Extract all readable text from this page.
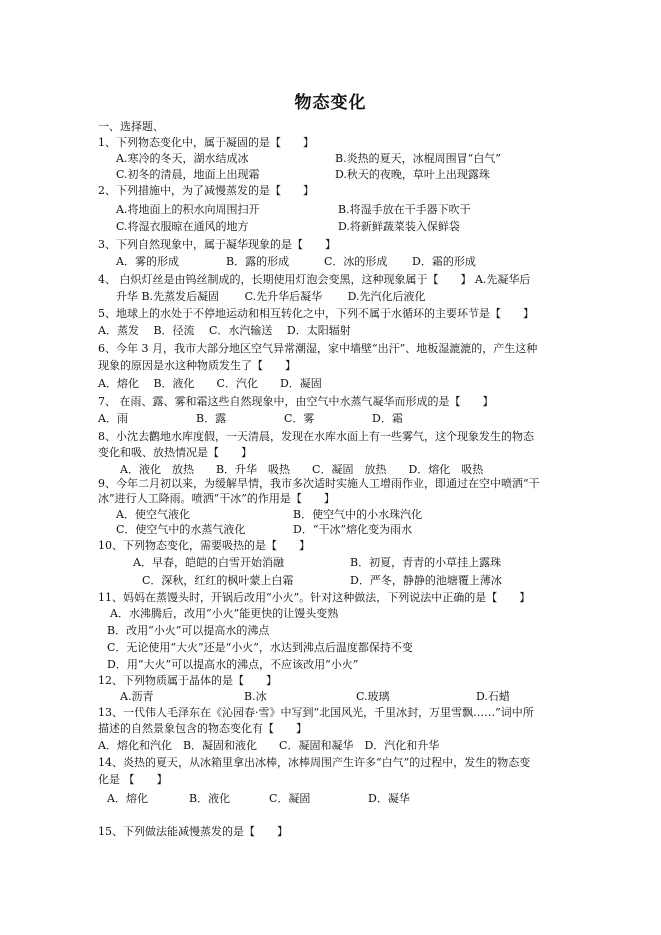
物态变化
一、选择题、
1、下列物态变化中，属于凝固的是【　　】
A.寒冷的冬天，湖水结成冰	B.炎热的夏天，冰棍周围冒“白气”
C.初冬的清晨，地面上出现霜	D.秋天的夜晚，草叶上出现露珠
2、下列措施中，为了减慢蒸发的是【　　】
A.将地面上的积水向周围扫开	B.将湿手放在干手器下吹干
C.将湿衣服晾在通风的地方	D.将新鲜蔬菜装入保鲜袋
3、下列自然现象中，属于凝华现象的是【　　】
A．雾的形成	B．露的形成	C．冰的形成 D．霜的形成
4、 白炽灯丝是由钨丝制成的，长期使用灯泡会变黑，这种现象属于【　　】 A.先凝华后
升华 B.先蒸发后凝固　　 C.先升华后凝华　　 D.先汽化后液化
5、地球上的水处于不停地运动和相互转化之中，下列不属于水循环的主要环节是【　　】
A．蒸发　 B．径流　 C．水汽输送　 D．太阳辐射
6、今年 3 月，我市大部分地区空气异常潮湿，家中墙壁“出汗”、地板湿漉漉的，产生这种
现象的原因是水这种物质发生了【　　】
A．熔化　 B．液化　　C．汽化　　D．凝固
7、 在雨、露、雾和霜这些自然现象中，由空气中水蒸气凝华而形成的是【　　】
A．雨	B．露	C．雾	D．霜
8、小沈去鹳地水库度假，一天清晨，发现在水库水面上有一些雾气，这个现象发生的物态
变化和吸、放热情况是【　　】
A．液化　放热　　B．升华　吸热　　C．凝固　放热　　D．熔化　吸热
9、今年二月初以来，为缓解旱情，我市多次适时实施人工增雨作业，即通过在空中喷洒“干
冰”进行人工降雨。喷洒“干冰”的作用是【　　】
A．使空气液化	B．使空气中的小水珠汽化
C．使空气中的水蒸气液化	D．“干冰”熔化变为雨水
10、下列物态变化，需要吸热的是【　　】
A．早春，皑皑的白雪开始消融	B．初夏，青青的小草挂上露珠
C．深秋，红红的枫叶蒙上白霜	D．严冬，静静的池塘覆上薄冰
11、妈妈在蒸馒头时，开锅后改用“小火”。针对这种做法，下列说法中正确的是【　　】
A．水沸腾后，改用“小火”能更快的让馒头变熟
B．改用“小火”可以提高水的沸点
C．无论使用“大火”还是“小火”，水达到沸点后温度都保持不变
D．用“大火”可以提高水的沸点，不应该改用“小火”
12、下列物质属于晶体的是【　　】
A.沥青	B.冰	C.玻璃	D.石蜡
13、一代伟人毛泽东在《沁园春·雪》中写到“北国风光，千里冰封，万里雪飘……”词中所
描述的自然景象包含的物态变化有【　　】
A．熔化和汽化　B．凝固和液化　　C．凝固和凝华　D．汽化和升华
14、炎热的夏天，从冰箱里拿出冰棒，冰棒周围产生许多“白气”的过程中，发生的物态变
化是 【　　】
A．熔化	B．液化	C．凝固	D．凝华
15、下列做法能减慢蒸发的是【　　】
